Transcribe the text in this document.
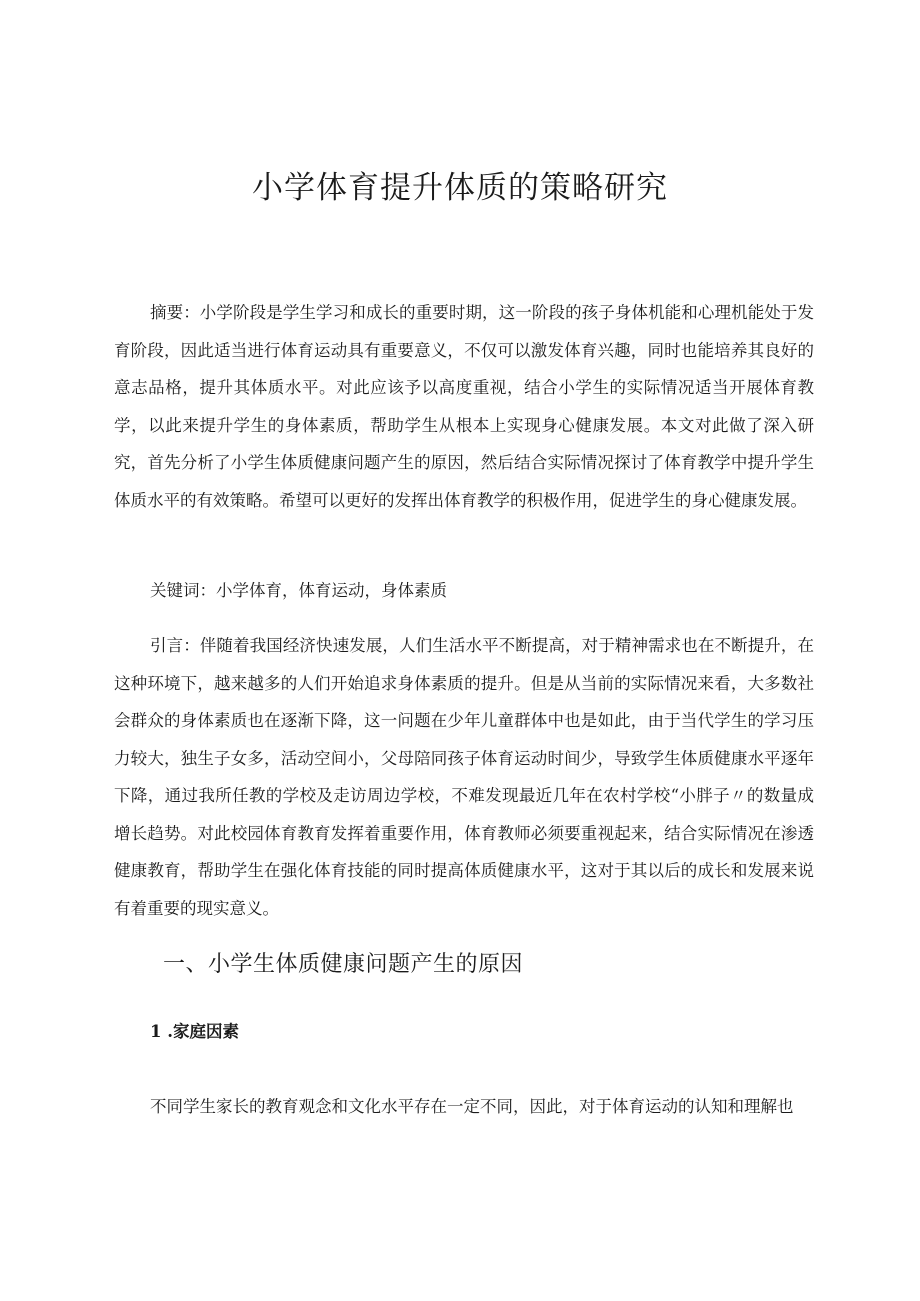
小学体育提升体质的策略研究

摘要：小学阶段是学生学习和成长的重要时期，这一阶段的孩子身体机能和心理机能处于发育阶段，因此适当进行体育运动具有重要意义，不仅可以激发体育兴趣，同时也能培养其良好的意志品格，提升其体质水平。对此应该予以高度重视，结合小学生的实际情况适当开展体育教学，以此来提升学生的身体素质，帮助学生从根本上实现身心健康发展。本文对此做了深入研究，首先分析了小学生体质健康问题产生的原因，然后结合实际情况探讨了体育教学中提升学生体质水平的有效策略。希望可以更好的发挥出体育教学的积极作用，促进学生的身心健康发展。

关键词：小学体育，体育运动，身体素质

引言：伴随着我国经济快速发展，人们生活水平不断提高，对于精神需求也在不断提升，在这种环境下，越来越多的人们开始追求身体素质的提升。但是从当前的实际情况来看，大多数社会群众的身体素质也在逐渐下降，这一问题在少年儿童群体中也是如此，由于当代学生的学习压力较大，独生子女多，活动空间小，父母陪同孩子体育运动时间少，导致学生体质健康水平逐年下降，通过我所任教的学校及走访周边学校，不难发现最近几年在农村学校“小胖子〃的数量成增长趋势。对此校园体育教育发挥着重要作用，体育教师必须要重视起来，结合实际情况在渗透健康教育，帮助学生在强化体育技能的同时提高体质健康水平，这对于其以后的成长和发展来说有着重要的现实意义。

一、小学生体质健康问题产生的原因
1 .家庭因素

不同学生家长的教育观念和文化水平存在一定不同，因此，对于体育运动的认知和理解也
